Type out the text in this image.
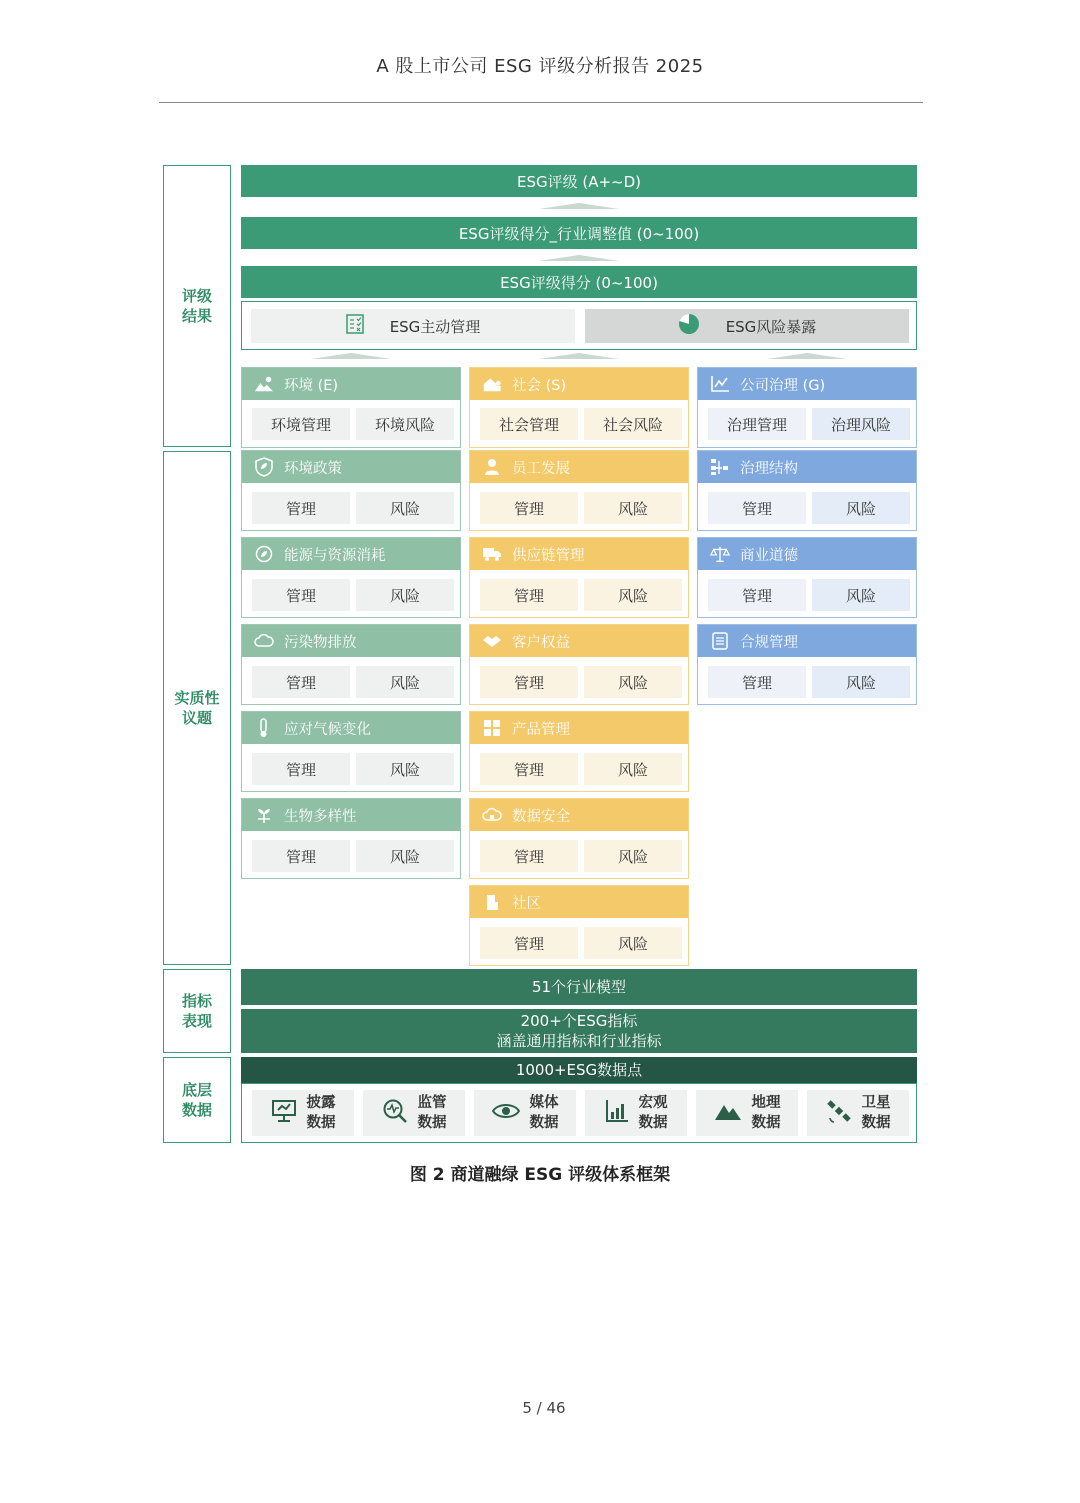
A 股上市公司 ESG 评级分析报告 2025
评级
结果
实质性
议题
指标
表现
底层
数据
ESG评级 (A+~D)
ESG评级得分_行业调整值 (0~100)
ESG评级得分 (0~100)
ESG主动管理	ESG风险暴露
环境 (E)
环境管理	环境风险
社会 (S)
社会管理	社会风险
公司治理 (G)
治理管理	治理风险
环境政策
管理	风险
能源与资源消耗
管理	风险
污染物排放
管理	风险
应对气候变化
管理	风险
生物多样性
管理	风险
员工发展
管理	风险
供应链管理
管理	风险
客户权益
管理	风险
产品管理
管理	风险
数据安全
管理	风险
社区
管理	风险
治理结构
管理	风险
商业道德
管理	风险
合规管理
管理	风险
51个行业模型
200+个ESG指标
涵盖通用指标和行业指标
1000+ESG数据点
披露
数据
监管
数据
媒体
数据
宏观
数据
地理
数据
卫星
数据
图 2 商道融绿 ESG 评级体系框架
5 / 46
